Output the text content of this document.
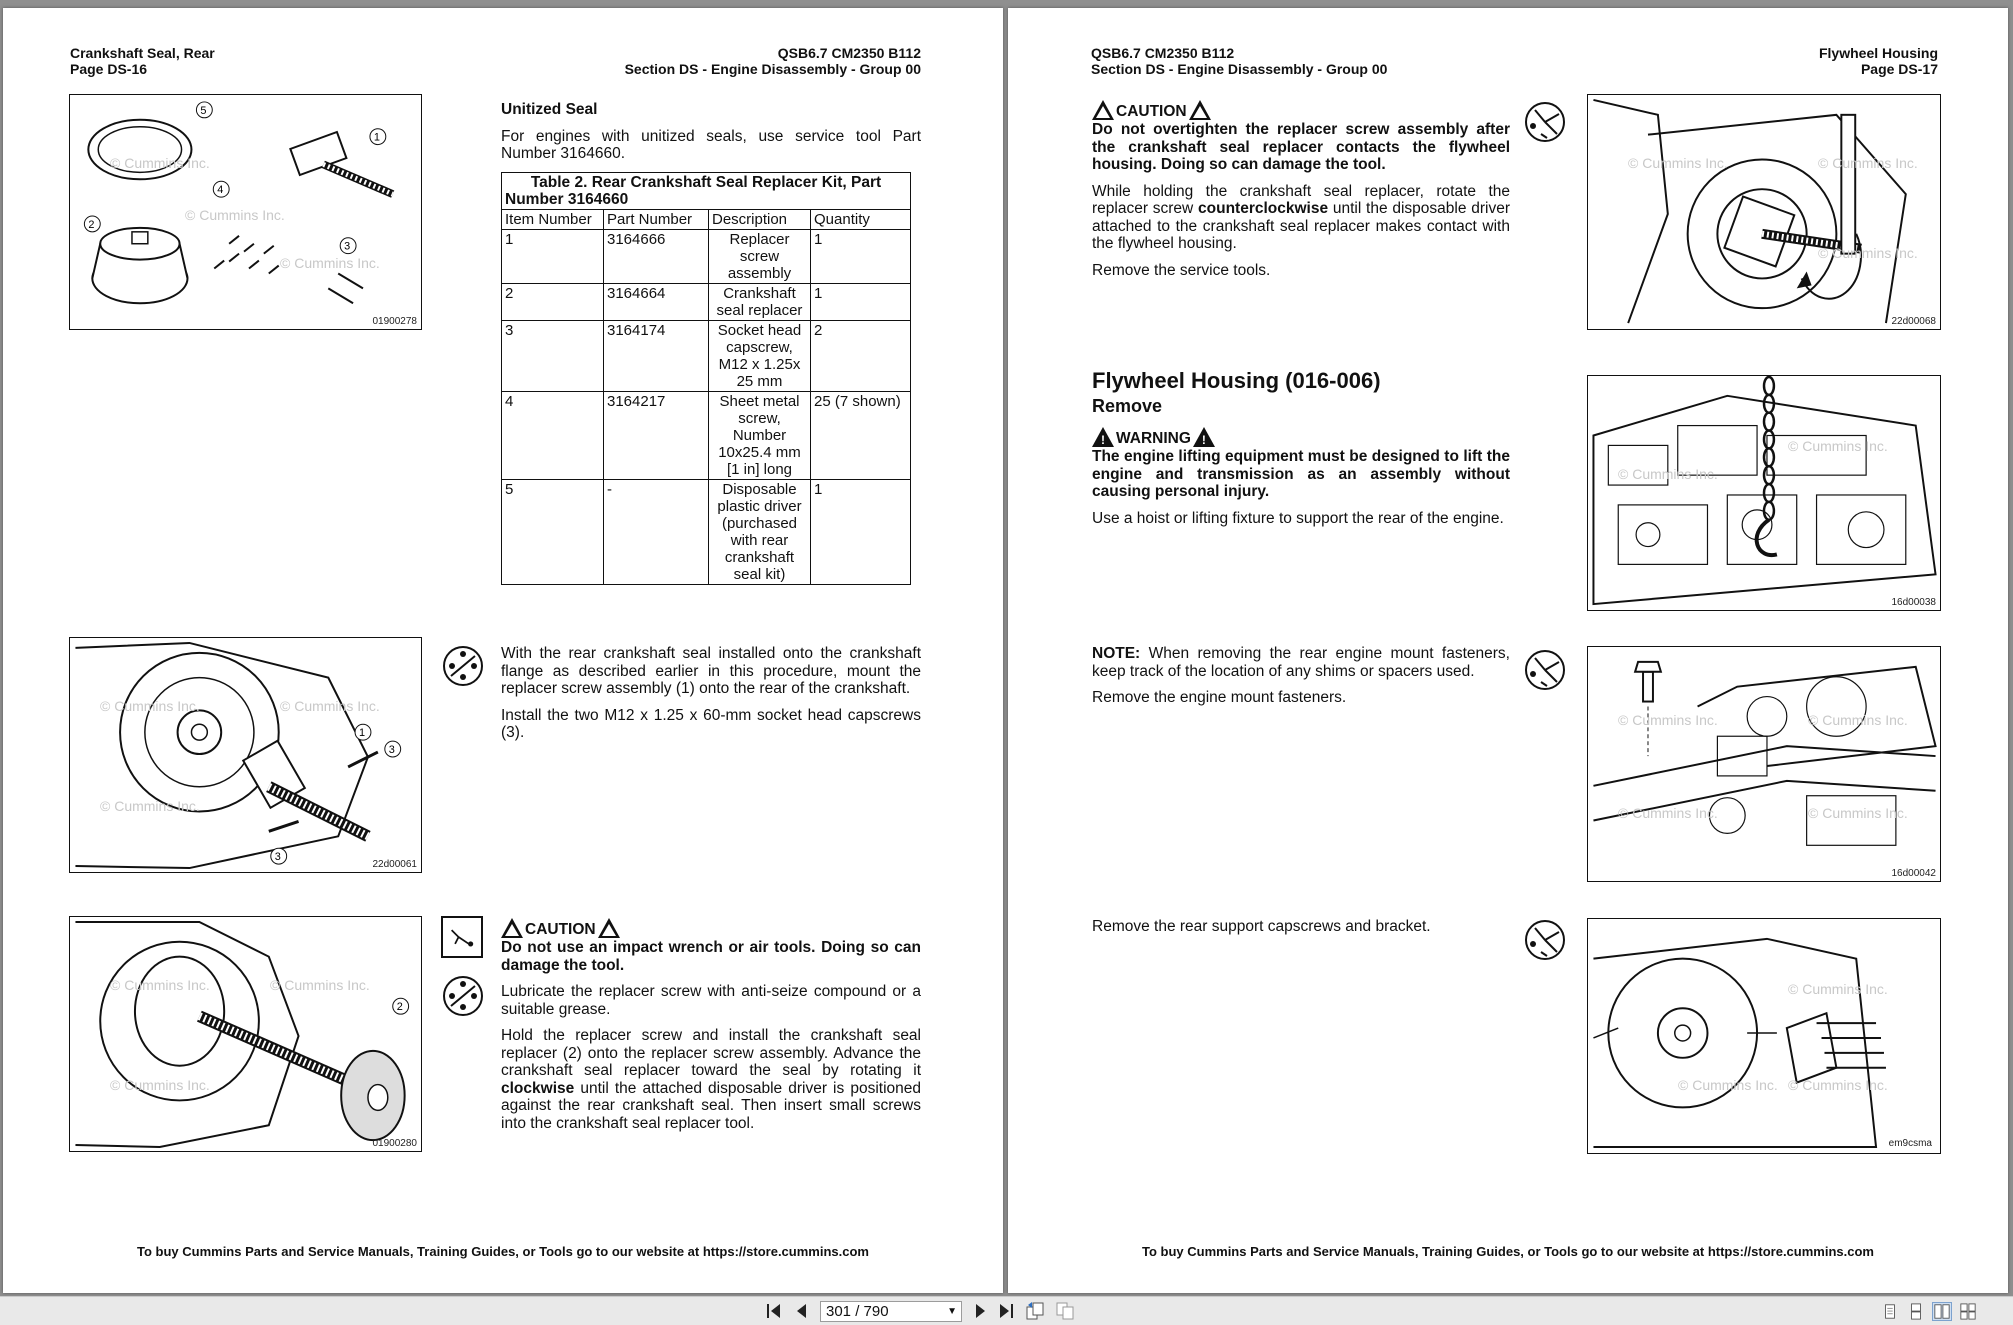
Crankshaft Seal, Rear
Page DS-16
QSB6.7 CM2350 B112
Section DS - Engine Disassembly - Group 00
5
1
4
2
3
© Cummins Inc.
© Cummins Inc.
© Cummins Inc.
01900278
Unitized Seal

For engines with unitized seals, use service tool Part Number 3164660.

Table 2. Rear Crankshaft Seal Replacer Kit, Part
Number 3164660			

Item Number	Part Number	Description	Quantity
1	3164666	Replacer screw assembly	1
2	3164664	Crankshaft seal replacer	1
3	3164174	Socket head capscrew, M12 x 1.25x 25 mm	2
4	3164217	Sheet metal screw, Number 10x25.4 mm [1 in] long	25 (7 shown)
5	-	Disposable plastic driver (purchased with rear crankshaft seal kit)	1
1
3
3
© Cummins Inc.	© Cummins Inc.
© Cummins Inc.
22d00061

With the rear crankshaft seal installed onto the crankshaft flange as described earlier in this procedure, mount the replacer screw assembly (1) onto the rear of the crankshaft.

Install the two M12 x 1.25 x 60-mm socket head capscrews (3).

2
© Cummins Inc.	© Cummins Inc.
© Cummins Inc.
01900280
CAUTION

Do not use an impact wrench or air tools. Doing so can damage the tool.

Lubricate the replacer screw with anti-seize compound or a suitable grease.

Hold the replacer screw and install the crankshaft seal replacer (2) onto the replacer screw assembly. Advance the crankshaft seal replacer toward the seal by rotating it clockwise until the attached disposable driver is positioned against the rear crankshaft seal. Then insert small screws into the crankshaft seal replacer tool.

To buy Cummins Parts and Service Manuals, Training Guides, or Tools go to our website at https://store.cummins.com
QSB6.7 CM2350 B112
Section DS - Engine Disassembly - Group 00
Flywheel Housing
Page DS-17
CAUTION

Do not overtighten the replacer screw assembly after the crankshaft seal replacer contacts the flywheel housing. Doing so can damage the tool.

While holding the crankshaft seal replacer, rotate the replacer screw counterclockwise until the disposable driver attached to the crankshaft seal replacer makes contact with the flywheel housing.

Remove the service tools.

© Cummins Inc.	© Cummins Inc.
© Cummins Inc.
22d00068
Flywheel Housing (016-006)
Remove
!
WARNING
!

The engine lifting equipment must be designed to lift the engine and transmission as an assembly without causing personal injury.

Use a hoist or lifting fixture to support the rear of the engine.

© Cummins Inc.
© Cummins Inc.
16d00038

NOTE: When removing the rear engine mount fasteners, keep track of the location of any shims or spacers used.

Remove the engine mount fasteners.

© Cummins Inc.	© Cummins Inc.
© Cummins Inc.	© Cummins Inc.
16d00042

Remove the rear support capscrews and bracket.

© Cummins Inc.
© Cummins Inc. © Cummins Inc.
em9csma
To buy Cummins Parts and Service Manuals, Training Guides, or Tools go to our website at https://store.cummins.com
301 / 790	▼
